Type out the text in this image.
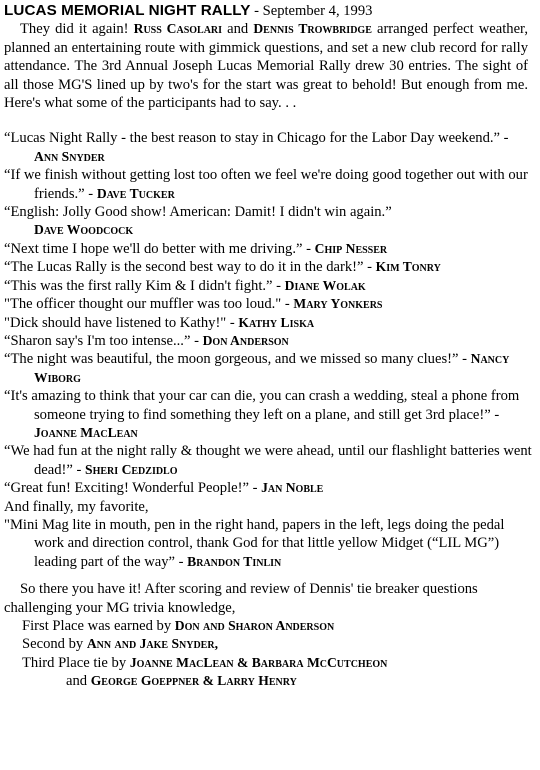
LUCAS MEMORIAL NIGHT RALLY - September 4, 1993

They did it again! Russ Casolari and Dennis Trowbridge arranged perfect weather, planned an entertaining route with gimmick questions, and set a new club record for rally attendance. The 3rd Annual Joseph Lucas Memorial Rally drew 30 entries. The sight of all those MG'S lined up by two's for the start was great to behold! But enough from me. Here's what some of the participants had to say. . .

“Lucas Night Rally - the best reason to stay in Chicago for the Labor Day weekend.” - Ann Snyder

“If we finish without getting lost too often we feel we're doing good together out with our friends.” - Dave Tucker

“English: Jolly Good show! American: Damit! I didn't win again.”

Dave Woodcock

“Next time I hope we'll do better with me driving.” - Chip Nesser

“The Lucas Rally is the second best way to do it in the dark!” - Kim Tonry

“This was the first rally Kim & I didn't fight.” - Diane Wolak

"The officer thought our muffler was too loud." - Mary Yonkers

"Dick should have listened to Kathy!" - Kathy Liska

“Sharon say's I'm too intense...” - Don Anderson

“The night was beautiful, the moon gorgeous, and we missed so many clues!” - Nancy Wiborg

“It's amazing to think that your car can die, you can crash a wedding, steal a phone from someone trying to find something they left on a plane, and still get 3rd place!” - Joanne MacLean

“We had fun at the night rally & thought we were ahead, until our flashlight batteries went dead!” - Sheri Cedzidlo

“Great fun! Exciting! Wonderful People!” - Jan Noble

And finally, my favorite,

"Mini Mag lite in mouth, pen in the right hand, papers in the left, legs doing the pedal work and direction control, thank God for that little yellow Midget (“LIL MG”) leading part of the way” - Brandon Tinlin

So there you have it! After scoring and review of Dennis' tie breaker questions challenging your MG trivia knowledge,

First Place was earned by Don and Sharon Anderson

Second by Ann and Jake Snyder,

Third Place tie by Joanne MacLean & Barbara McCutcheon

and George Goeppner & Larry Henry
